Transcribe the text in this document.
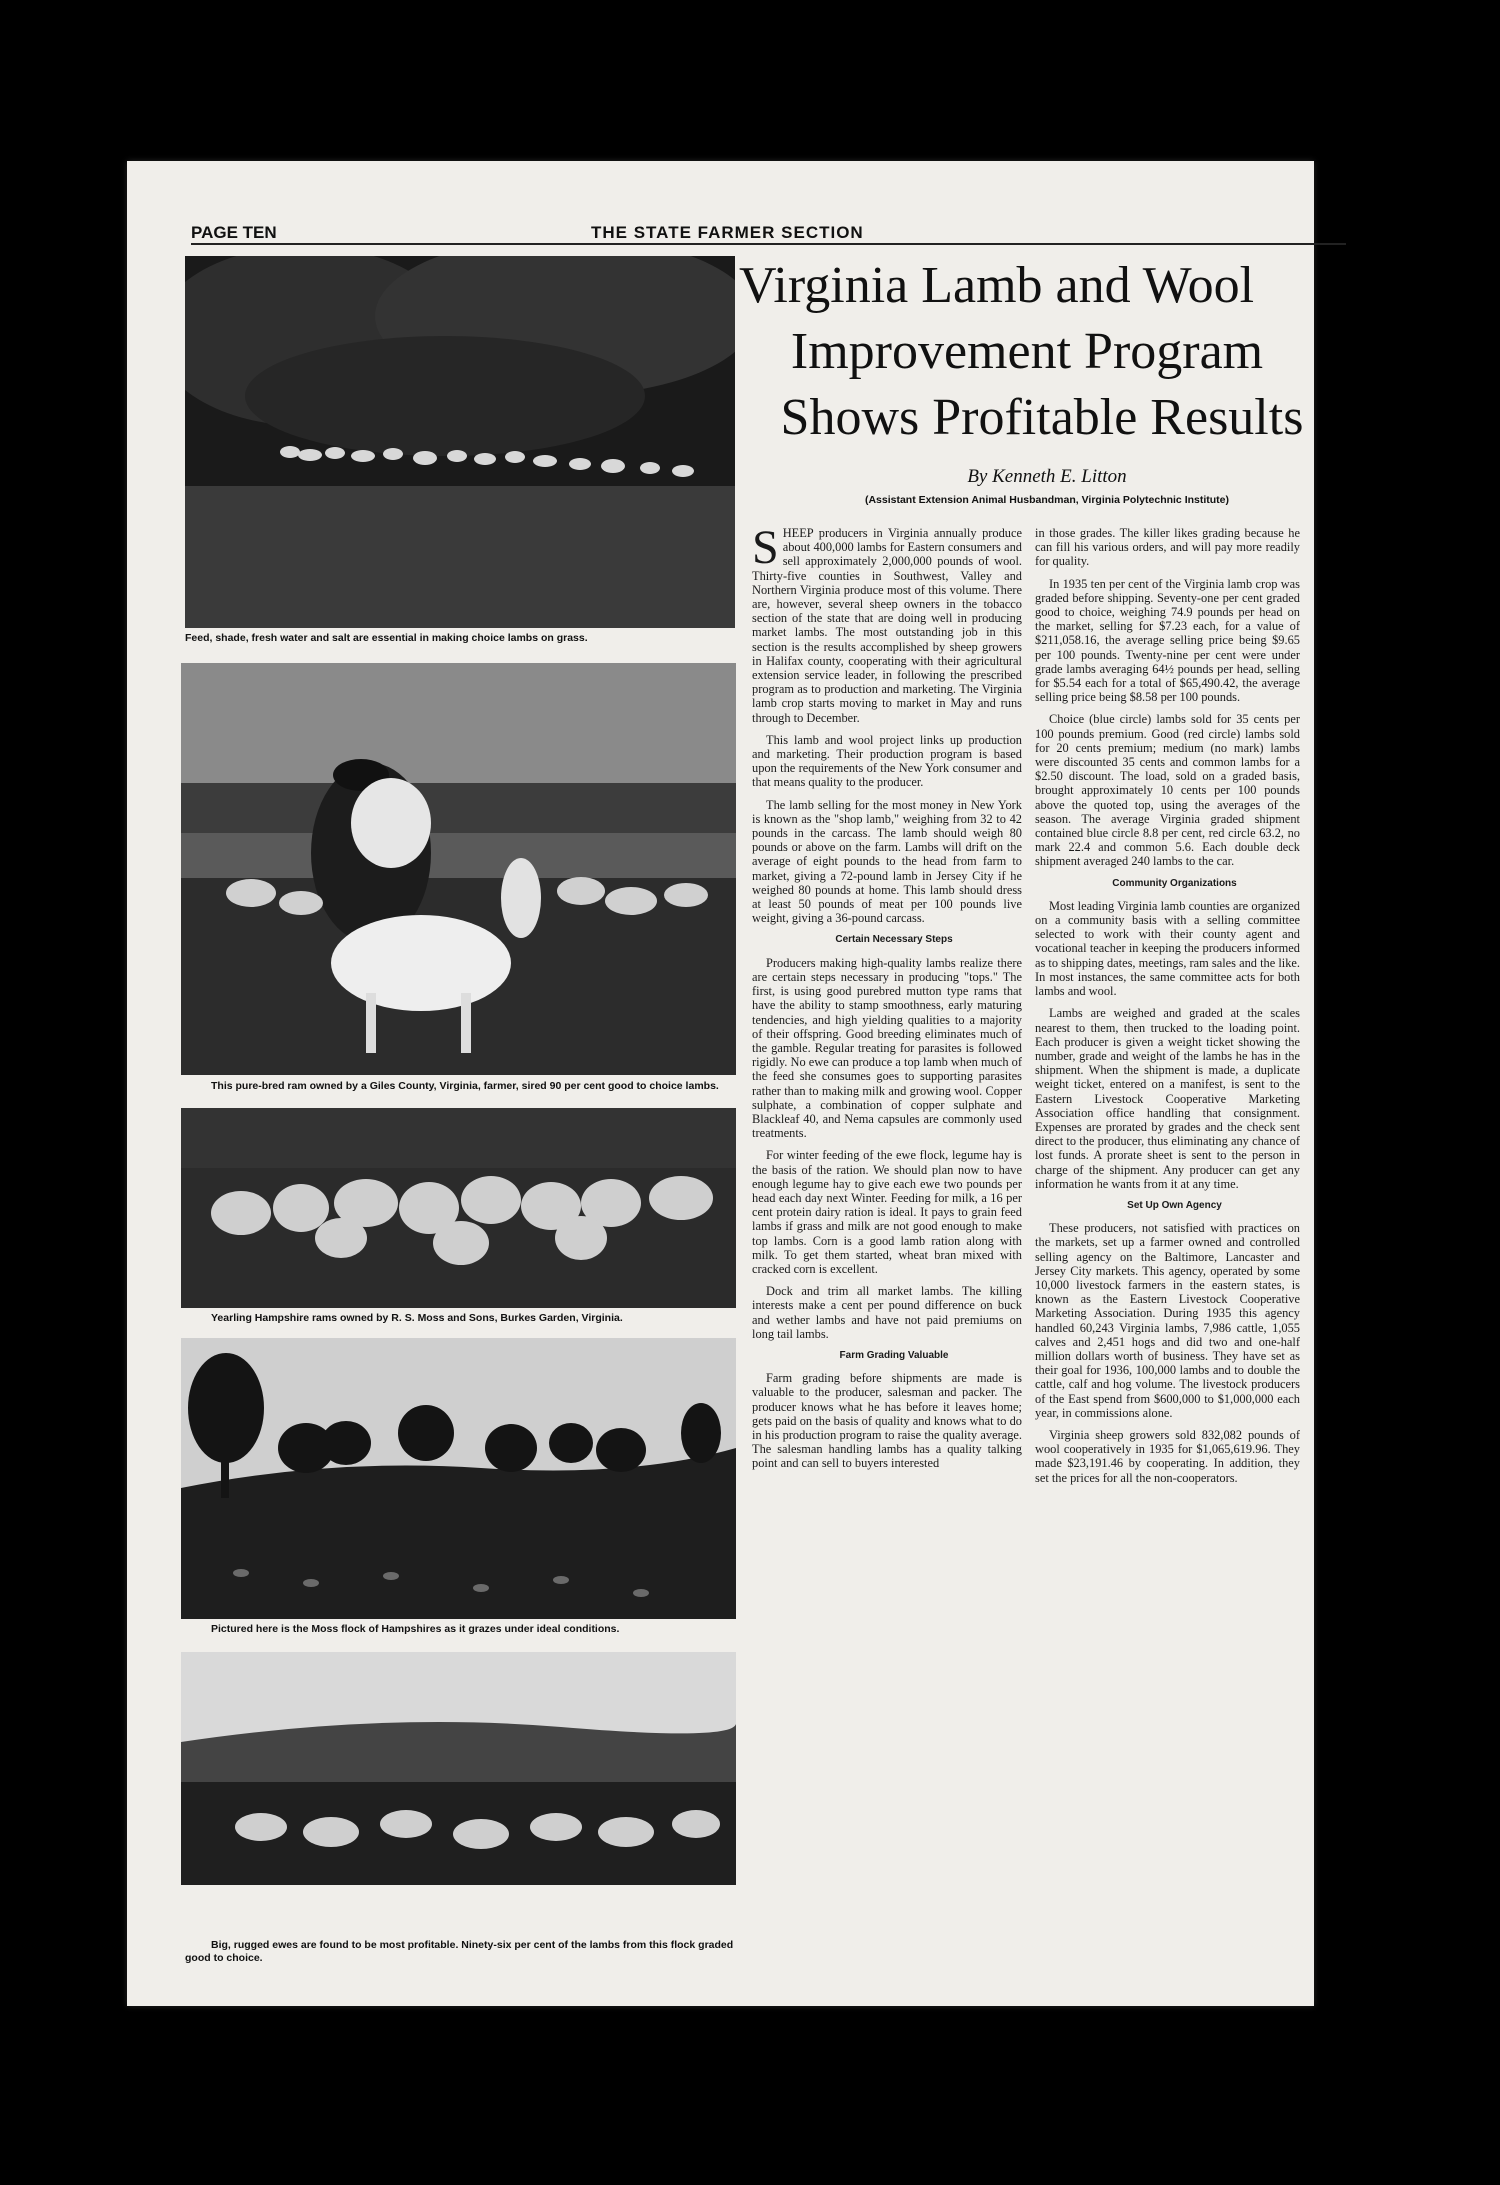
PAGE TEN	THE STATE FARMER SECTION
Feed, shade, fresh water and salt are essential in making choice lambs on grass.
This pure-bred ram owned by a Giles County, Virginia, farmer, sired 90 per cent good to choice lambs.
Yearling Hampshire rams owned by R. S. Moss and Sons, Burkes Garden, Virginia.
Pictured here is the Moss flock of Hampshires as it grazes under ideal conditions.
Big, rugged ewes are found to be most profitable. Ninety-six per cent of the lambs from this flock graded good to choice.
Virginia Lamb and Wool
Improvement Program
Shows Profitable Results
By Kenneth E. Litton
(Assistant Extension Animal Husbandman, Virginia Polytechnic Institute)

SHEEP producers in Virginia annually produce about 400,000 lambs for Eastern consumers and sell approximately 2,000,000 pounds of wool. Thirty-five counties in Southwest, Valley and Northern Virginia produce most of this volume. There are, however, several sheep owners in the tobacco section of the state that are doing well in producing market lambs. The most outstanding job in this section is the results accomplished by sheep growers in Halifax county, cooperating with their agricultural extension service leader, in following the prescribed program as to production and marketing. The Virginia lamb crop starts moving to market in May and runs through to December.

This lamb and wool project links up production and marketing. Their production program is based upon the requirements of the New York consumer and that means quality to the producer.

The lamb selling for the most money in New York is known as the "shop lamb," weighing from 32 to 42 pounds in the carcass. The lamb should weigh 80 pounds or above on the farm. Lambs will drift on the average of eight pounds to the head from farm to market, giving a 72-pound lamb in Jersey City if he weighed 80 pounds at home. This lamb should dress at least 50 pounds of meat per 100 pounds live weight, giving a 36-pound carcass.

Certain Necessary Steps

Producers making high-quality lambs realize there are certain steps necessary in producing "tops." The first, is using good purebred mutton type rams that have the ability to stamp smoothness, early maturing tendencies, and high yielding qualities to a majority of their offspring. Good breeding eliminates much of the gamble. Regular treating for parasites is followed rigidly. No ewe can produce a top lamb when much of the feed she consumes goes to supporting parasites rather than to making milk and growing wool. Copper sulphate, a combination of copper sulphate and Blackleaf 40, and Nema capsules are commonly used treatments.

For winter feeding of the ewe flock, legume hay is the basis of the ration. We should plan now to have enough legume hay to give each ewe two pounds per head each day next Winter. Feeding for milk, a 16 per cent protein dairy ration is ideal. It pays to grain feed lambs if grass and milk are not good enough to make top lambs. Corn is a good lamb ration along with milk. To get them started, wheat bran mixed with cracked corn is excellent.

Dock and trim all market lambs. The killing interests make a cent per pound difference on buck and wether lambs and have not paid premiums on long tail lambs.

Farm Grading Valuable

Farm grading before shipments are made is valuable to the producer, salesman and packer. The producer knows what he has before it leaves home; gets paid on the basis of quality and knows what to do in his production program to raise the quality average. The salesman handling lambs has a quality talking point and can sell to buyers interested

in those grades. The killer likes grading because he can fill his various orders, and will pay more readily for quality.

In 1935 ten per cent of the Virginia lamb crop was graded before shipping. Seventy-one per cent graded good to choice, weighing 74.9 pounds per head on the market, selling for $7.23 each, for a value of $211,058.16, the average selling price being $9.65 per 100 pounds. Twenty-nine per cent were under grade lambs averaging 64½ pounds per head, selling for $5.54 each for a total of $65,490.42, the average selling price being $8.58 per 100 pounds.

Choice (blue circle) lambs sold for 35 cents per 100 pounds premium. Good (red circle) lambs sold for 20 cents premium; medium (no mark) lambs were discounted 35 cents and common lambs for a $2.50 discount. The load, sold on a graded basis, brought approximately 10 cents per 100 pounds above the quoted top, using the averages of the season. The average Virginia graded shipment contained blue circle 8.8 per cent, red circle 63.2, no mark 22.4 and common 5.6. Each double deck shipment averaged 240 lambs to the car.

Community Organizations

Most leading Virginia lamb counties are organized on a community basis with a selling committee selected to work with their county agent and vocational teacher in keeping the producers informed as to shipping dates, meetings, ram sales and the like. In most instances, the same committee acts for both lambs and wool.

Lambs are weighed and graded at the scales nearest to them, then trucked to the loading point. Each producer is given a weight ticket showing the number, grade and weight of the lambs he has in the shipment. When the shipment is made, a duplicate weight ticket, entered on a manifest, is sent to the Eastern Livestock Cooperative Marketing Association office handling that consignment. Expenses are prorated by grades and the check sent direct to the producer, thus eliminating any chance of lost funds. A prorate sheet is sent to the person in charge of the shipment. Any producer can get any information he wants from it at any time.

Set Up Own Agency

These producers, not satisfied with practices on the markets, set up a farmer owned and controlled selling agency on the Baltimore, Lancaster and Jersey City markets. This agency, operated by some 10,000 livestock farmers in the eastern states, is known as the Eastern Livestock Cooperative Marketing Association. During 1935 this agency handled 60,243 Virginia lambs, 7,986 cattle, 1,055 calves and 2,451 hogs and did two and one-half million dollars worth of business. They have set as their goal for 1936, 100,000 lambs and to double the cattle, calf and hog volume. The livestock producers of the East spend from $600,000 to $1,000,000 each year, in commissions alone.

Virginia sheep growers sold 832,082 pounds of wool cooperatively in 1935 for $1,065,619.96. They made $23,191.46 by cooperating. In addition, they set the prices for all the non-cooperators.
